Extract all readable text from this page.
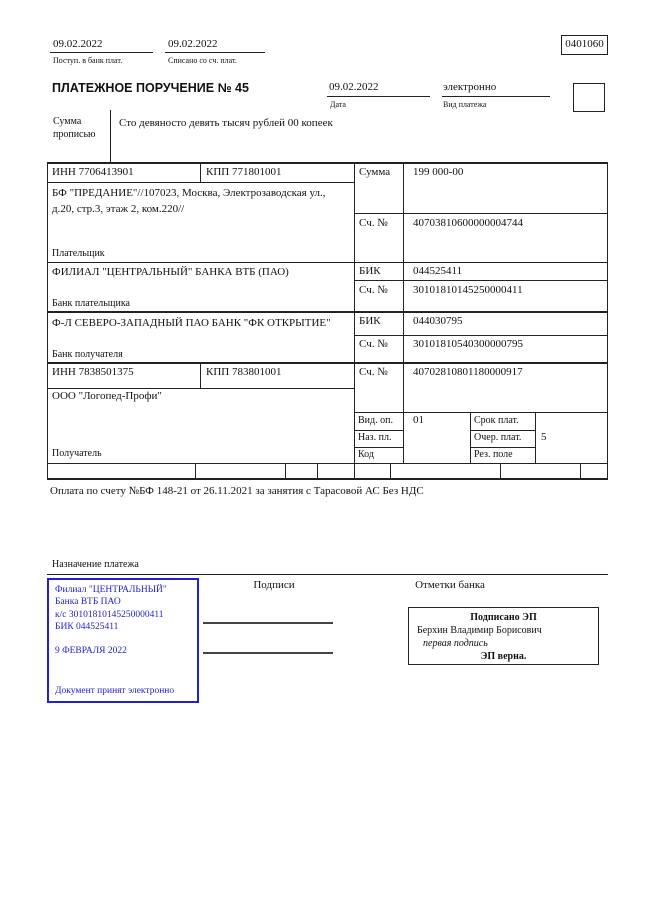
09.02.2022
Поступ. в банк плат.
09.02.2022
Списано со сч. плат.
0401060
ПЛАТЕЖНОЕ ПОРУЧЕНИЕ № 45	09.02.2022
Дата
электронно
Вид платежа
Сумма прописью
Сто девяносто девять тысяч рублей 00 копеек
ИНН 7706413901	КПП 771801001
БФ "ПРЕДАНИЕ"//107023, Москва, Электрозаводская ул., д.20, стр.3, этаж 2, ком.220//
Плательщик
Сумма 199 000-00
Сч. № 40703810600000004744
ФИЛИАЛ "ЦЕНТРАЛЬНЫЙ" БАНКА ВТБ (ПАО)
Банк плательщика
БИК	044525411
Сч. № 30101810145250000411
Ф-Л СЕВЕРО-ЗАПАДНЫЙ ПАО БАНК "ФК ОТКРЫТИЕ"
Банк получателя
БИК	044030795
Сч. № 30101810540300000795
ИНН 7838501375	КПП 783801001	Сч. № 40702810801180000917
ООО "Логопед-Профи"
Получатель
Вид. оп. 01	Срок плат.
Наз. пл.	Очер. плат. 5
Код	Рез. поле
Оплата по счету №БФ 148-21 от 26.11.2021 за занятия с Тарасовой АС Без НДС
Назначение платежа
Филиал "ЦЕНТРАЛЬНЫЙ" Банка ВТБ ПАО
к/с 30101810145250000411
БИК 044525411
9 ФЕВРАЛЯ 2022
Документ принят электронно
Подписи	Отметки банка
Подписано ЭП
Берхин Владимир Борисович
первая подпись
ЭП верна.
